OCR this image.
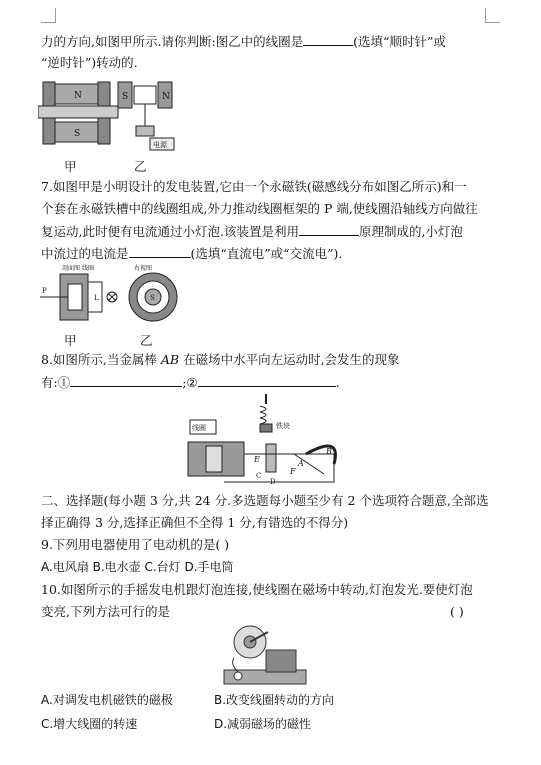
力的方向,如图甲所示.请你判断:图乙中的线圈是	(选填“顺时针”或
“逆时针”)转动的.
N
S
S	N
电源
甲	乙
7.如图甲是小明设计的发电装置,它由一个永磁铁(磁感线分布如图乙所示)和一
个套在永磁铁槽中的线圈组成,外力推动线圈框架的 P 端,使线圈沿轴线方向做往
复运动,此时便有电流通过小灯泡.该装置是利用	原理制成的,小灯泡
中流过的电流是	(选填“直流电”或“交流电”).
剖面图 线圈
P
L
右视图
S
甲	乙
8.如图所示,当金属棒 AB 在磁场中水平向左运动时,会发生的现象
有:①	;②	.
线圈	铁块
E
C
D
F
B
A
二、选择题(每小题 3 分,共 24 分.多选题每小题至少有 2 个选项符合题意,全部选
择正确得 3 分,选择正确但不全得 1 分,有错选的不得分)
9.下列用电器使用了电动机的是( )
A.电风扇 B.电水壶 C.台灯 D.手电筒
10.如图所示的手摇发电机跟灯泡连接,使线圈在磁场中转动,灯泡发光.要使灯泡
变亮,下列方法可行的是	( )
A.对调发电机磁铁的磁极	B.改变线圈转动的方向
C.增大线圈的转速	D.减弱磁场的磁性
